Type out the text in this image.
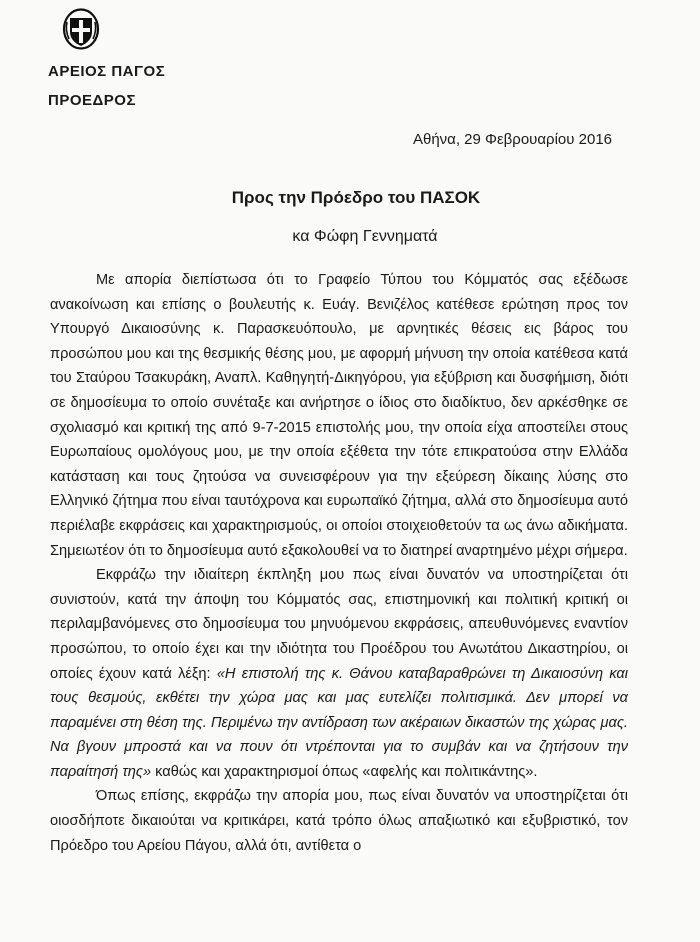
ΑΡΕΙΟΣ ΠΑΓΟΣ
ΠΡΟΕΔΡΟΣ
Αθήνα, 29 Φεβρουαρίου 2016
Προς την Πρόεδρο του ΠΑΣΟΚ
κα Φώφη Γεννηματά

Με απορία διεπίστωσα ότι το Γραφείο Τύπου του Κόμματός σας εξέδωσε ανακοίνωση και επίσης ο βουλευτής κ. Ευάγ. Βενιζέλος κατέθεσε ερώτηση προς τον Υπουργό Δικαιοσύνης κ. Παρασκευόπουλο, με αρνητικές θέσεις εις βάρος του προσώπου μου και της θεσμικής θέσης μου, με αφορμή μήνυση την οποία κατέθεσα κατά του Σταύρου Τσακυράκη, Αναπλ. Καθηγητή-Δικηγόρου, για εξύβριση και δυσφήμιση, διότι σε δημοσίευμα το οποίο συνέταξε και ανήρτησε ο ίδιος στο διαδίκτυο, δεν αρκέσθηκε σε σχολιασμό και κριτική της από 9-7-2015 επιστολής μου, την οποία είχα αποστείλει στους Ευρωπαίους ομολόγους μου, με την οποία εξέθετα την τότε επικρατούσα στην Ελλάδα κατάσταση και τους ζητούσα να συνεισφέρουν για την εξεύρεση δίκαιης λύσης στο Ελληνικό ζήτημα που είναι ταυτόχρονα και ευρωπαϊκό ζήτημα, αλλά στο δημοσίευμα αυτό περιέλαβε εκφράσεις και χαρακτηρισμούς, οι οποίοι στοιχειοθετούν τα ως άνω αδικήματα. Σημειωτέον ότι το δημοσίευμα αυτό εξακολουθεί να το διατηρεί αναρτημένο μέχρι σήμερα.

Εκφράζω την ιδιαίτερη έκπληξη μου πως είναι δυνατόν να υποστηρίζεται ότι συνιστούν, κατά την άποψη του Κόμματός σας, επιστημονική και πολιτική κριτική οι περιλαμβανόμενες στο δημοσίευμα του μηνυόμενου εκφράσεις, απευθυνόμενες εναντίον προσώπου, το οποίο έχει και την ιδιότητα του Προέδρου του Ανωτάτου Δικαστηρίου, οι οποίες έχουν κατά λέξη: «Η επιστολή της κ. Θάνου καταβαραθρώνει τη Δικαιοσύνη και τους θεσμούς, εκθέτει την χώρα μας και μας ευτελίζει πολιτισμικά. Δεν μπορεί να παραμένει στη θέση της. Περιμένω την αντίδραση των ακέραιων δικαστών της χώρας μας. Να βγουν μπροστά και να πουν ότι ντρέπονται για το συμβάν και να ζητήσουν την παραίτησή της» καθώς και χαρακτηρισμοί όπως «αφελής και πολιτικάντης».

Όπως επίσης, εκφράζω την απορία μου, πως είναι δυνατόν να υποστηρίζεται ότι οιοσδήποτε δικαιούται να κριτικάρει, κατά τρόπο όλως απαξιωτικό και εξυβριστικό, τον Πρόεδρο του Αρείου Πάγου, αλλά ότι, αντίθετα ο
